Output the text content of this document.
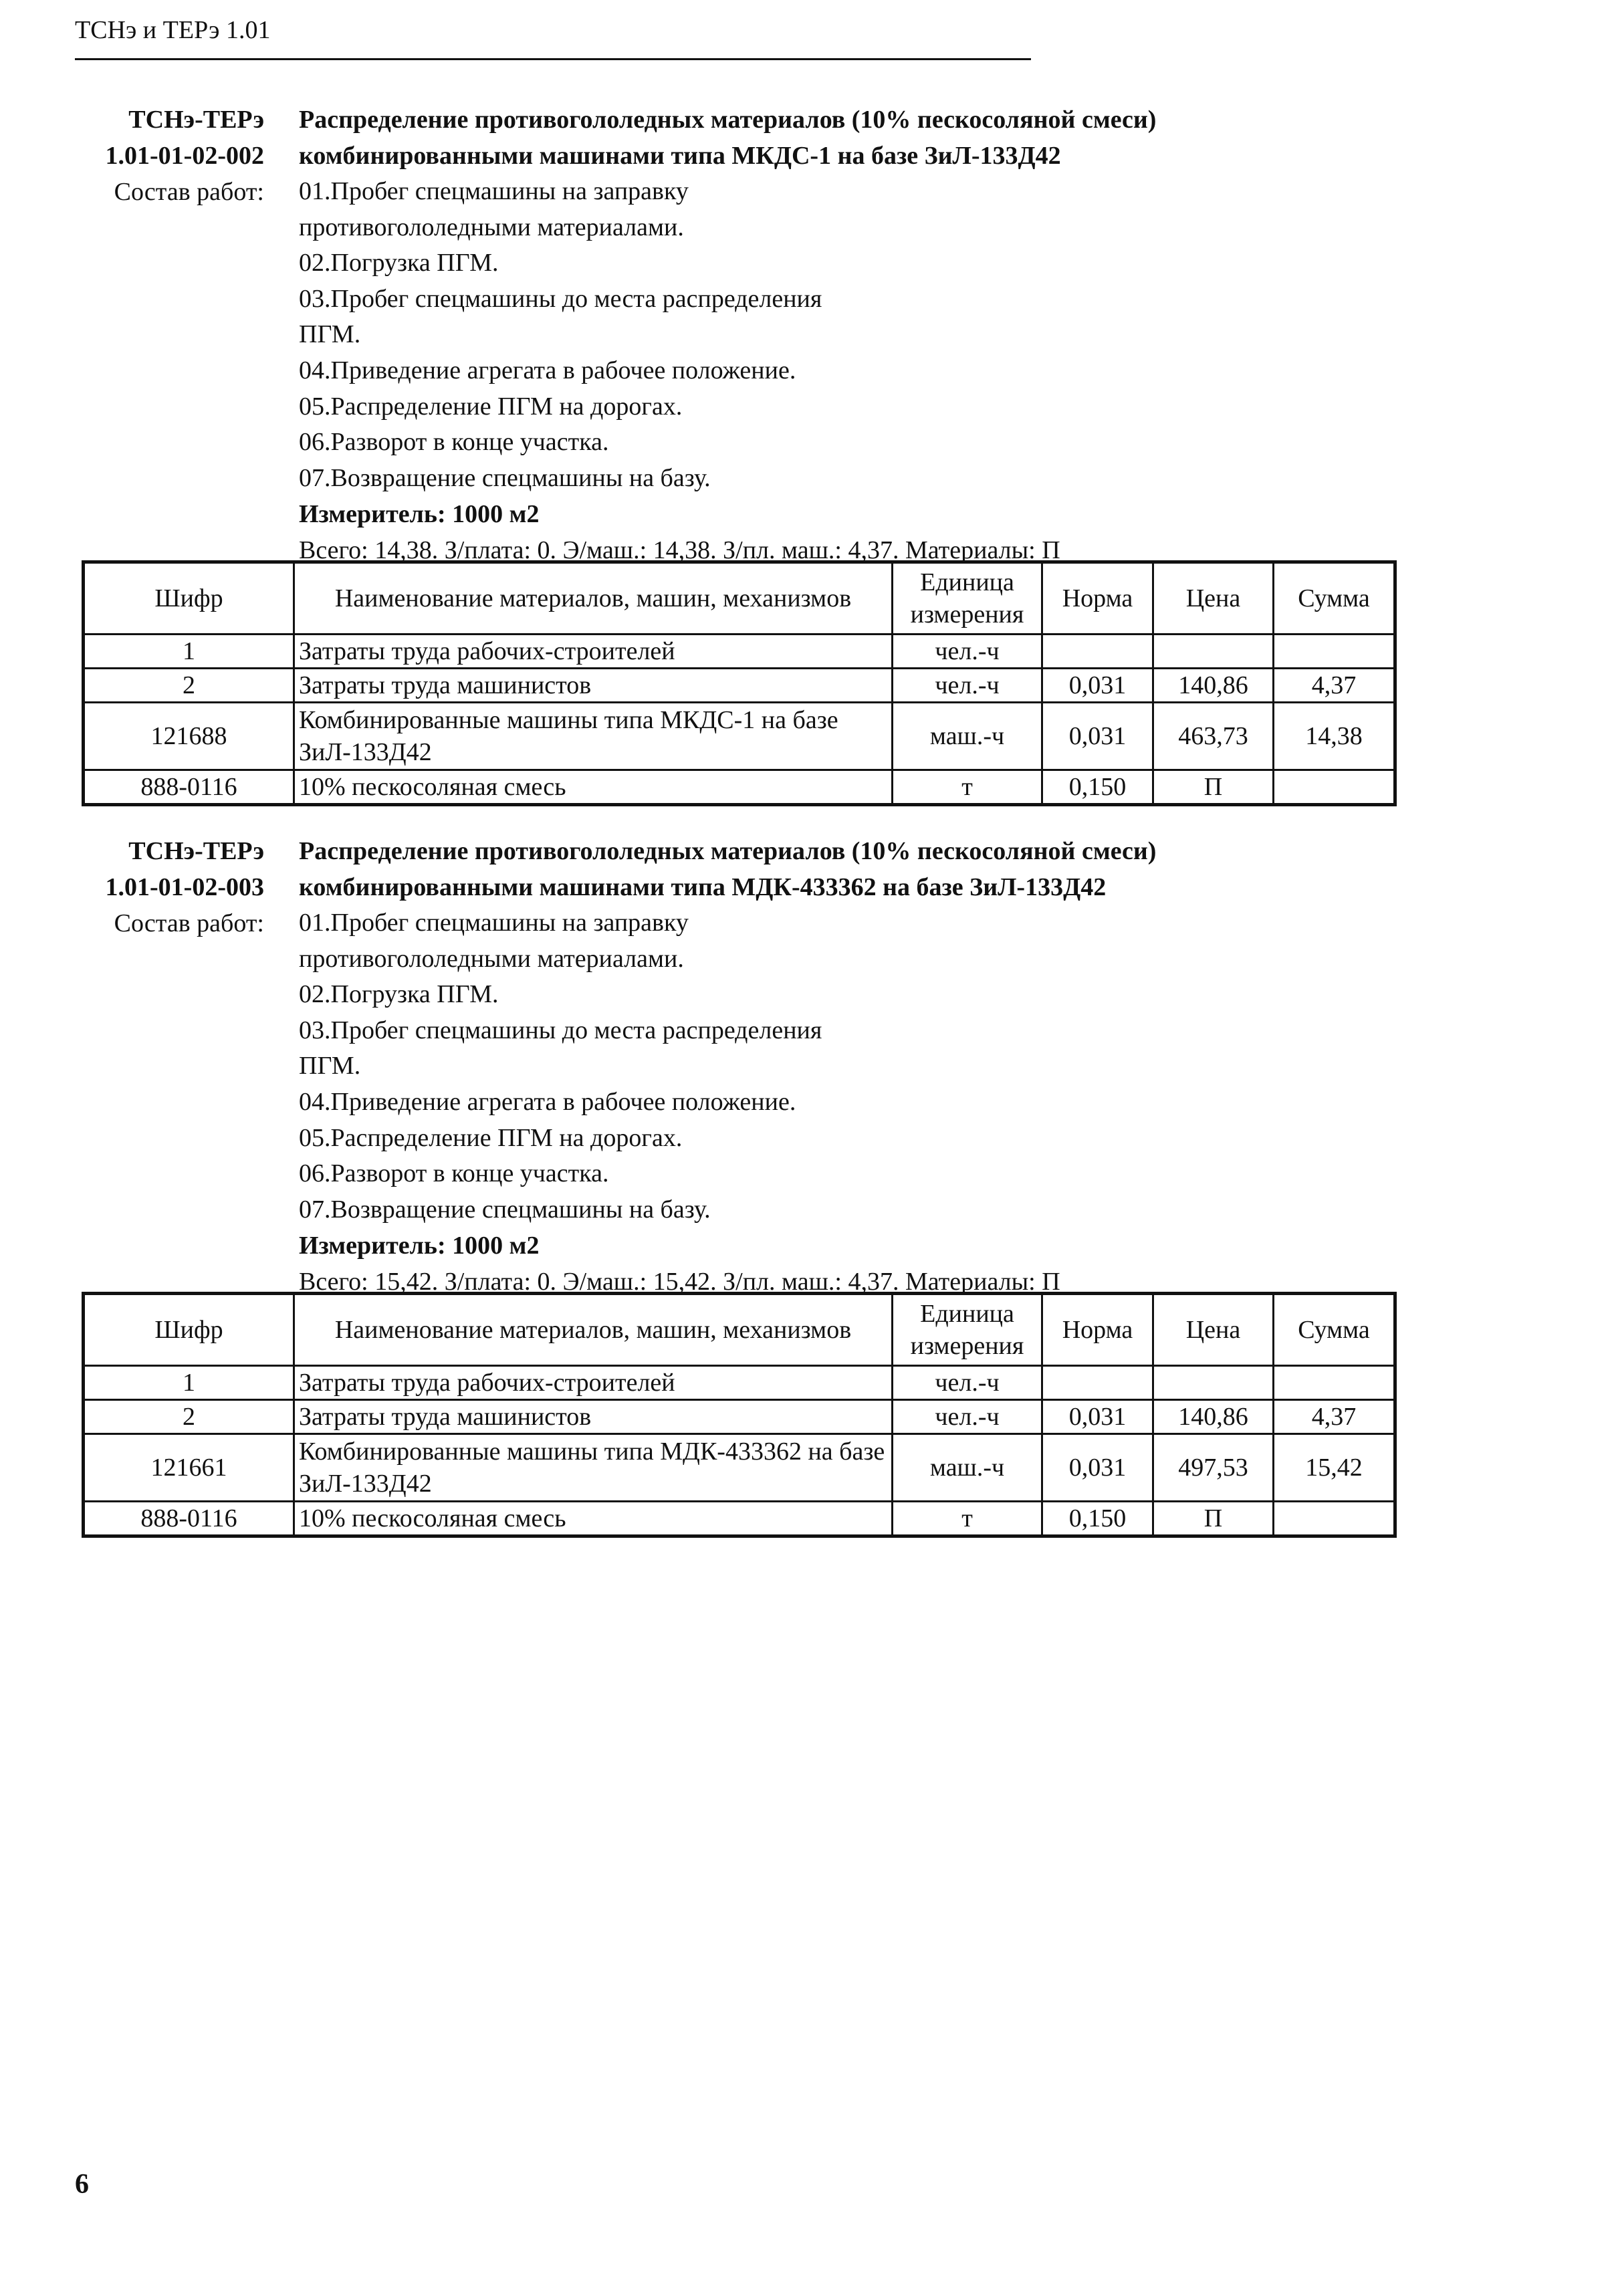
ТСНэ и ТЕРэ 1.01
ТСНэ-ТЕРэ Распределение противогололедных материалов (10% пескосоляной смеси)
1.01-01-02-002 комбинированными машинами типа МКДС-1 на базе ЗиЛ-133Д42
Состав работ: 01.Пробег спецмашины на заправку
противогололедными материалами.
02.Погрузка ПГМ.
03.Пробег спецмашины до места распределения
ПГМ.
04.Приведение агрегата в рабочее положение.
05.Распределение ПГМ на дорогах.
06.Разворот в конце участка.
07.Возвращение спецмашины на базу.
Измеритель: 1000 м2
Всего: 14,38. З/плата: 0. Э/маш.: 14,38. З/пл. маш.: 4,37. Материалы: П
Шифр	Наименование материалов, машин, механизмов	Единица измерения	Норма	Цена	Сумма
1	Затраты труда рабочих-строителей	чел.-ч			
2	Затраты труда машинистов	чел.-ч	0,031	140,86	4,37
121688	Комбинированные машины типа МКДС-1 на базе ЗиЛ-133Д42	маш.-ч	0,031	463,73	14,38
888-0116	10% пескосоляная смесь	т	0,150	П	
ТСНэ-ТЕРэ Распределение противогололедных материалов (10% пескосоляной смеси)
1.01-01-02-003 комбинированными машинами типа МДК-433362 на базе ЗиЛ-133Д42
Состав работ: 01.Пробег спецмашины на заправку
противогололедными материалами.
02.Погрузка ПГМ.
03.Пробег спецмашины до места распределения
ПГМ.
04.Приведение агрегата в рабочее положение.
05.Распределение ПГМ на дорогах.
06.Разворот в конце участка.
07.Возвращение спецмашины на базу.
Измеритель: 1000 м2
Всего: 15,42. З/плата: 0. Э/маш.: 15,42. З/пл. маш.: 4,37. Материалы: П
Шифр	Наименование материалов, машин, механизмов	Единица измерения	Норма	Цена	Сумма
1	Затраты труда рабочих-строителей	чел.-ч			
2	Затраты труда машинистов	чел.-ч	0,031	140,86	4,37
121661	Комбинированные машины типа МДК-433362 на базе ЗиЛ-133Д42	маш.-ч	0,031	497,53	15,42
888-0116	10% пескосоляная смесь	т	0,150	П	
6
